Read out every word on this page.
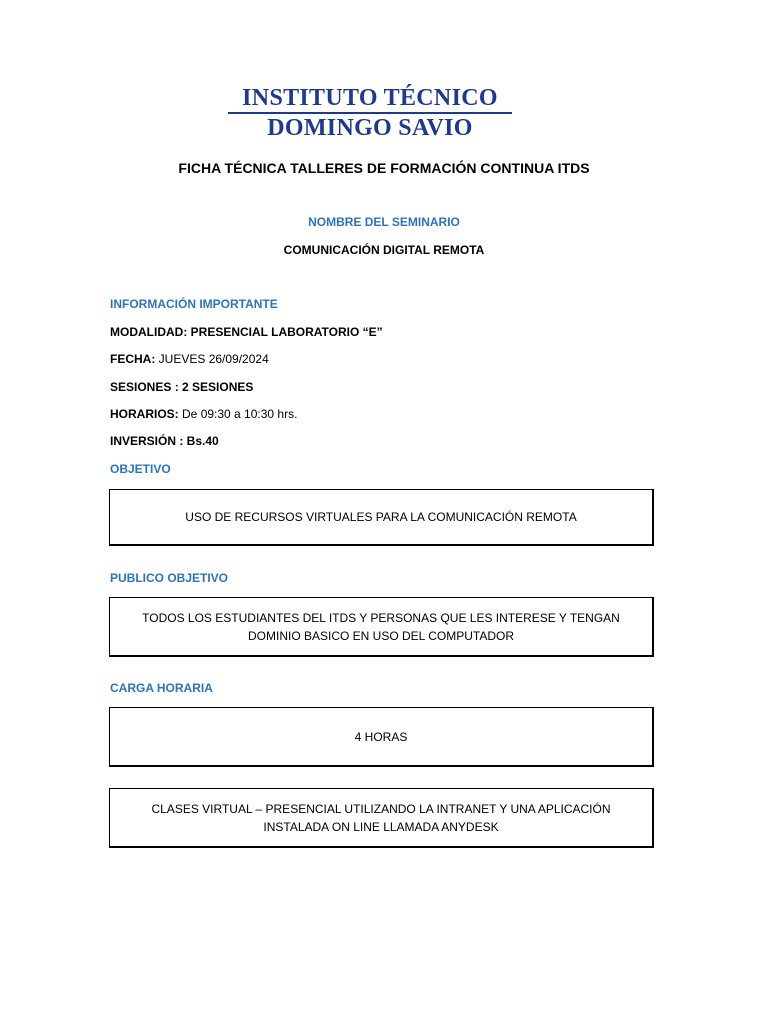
INSTITUTO TÉCNICO
DOMINGO SAVIO
FICHA TÉCNICA TALLERES DE FORMACIÓN CONTINUA ITDS
NOMBRE DEL SEMINARIO
COMUNICACIÓN DIGITAL REMOTA
INFORMACIÓN IMPORTANTE
MODALIDAD: PRESENCIAL LABORATORIO “E”
FECHA: JUEVES 26/09/2024
SESIONES : 2 SESIONES
HORARIOS: De 09:30 a 10:30 hrs.
INVERSIÓN : Bs.40
OBJETIVO
USO DE RECURSOS VIRTUALES PARA LA COMUNICACIÓN REMOTA
PUBLICO OBJETIVO
TODOS LOS ESTUDIANTES DEL ITDS Y PERSONAS QUE LES INTERESE Y TENGAN DOMINIO BASICO EN USO DEL COMPUTADOR
CARGA HORARIA
4 HORAS
CLASES VIRTUAL – PRESENCIAL UTILIZANDO LA INTRANET Y UNA APLICACIÓN INSTALADA ON LINE LLAMADA ANYDESK
